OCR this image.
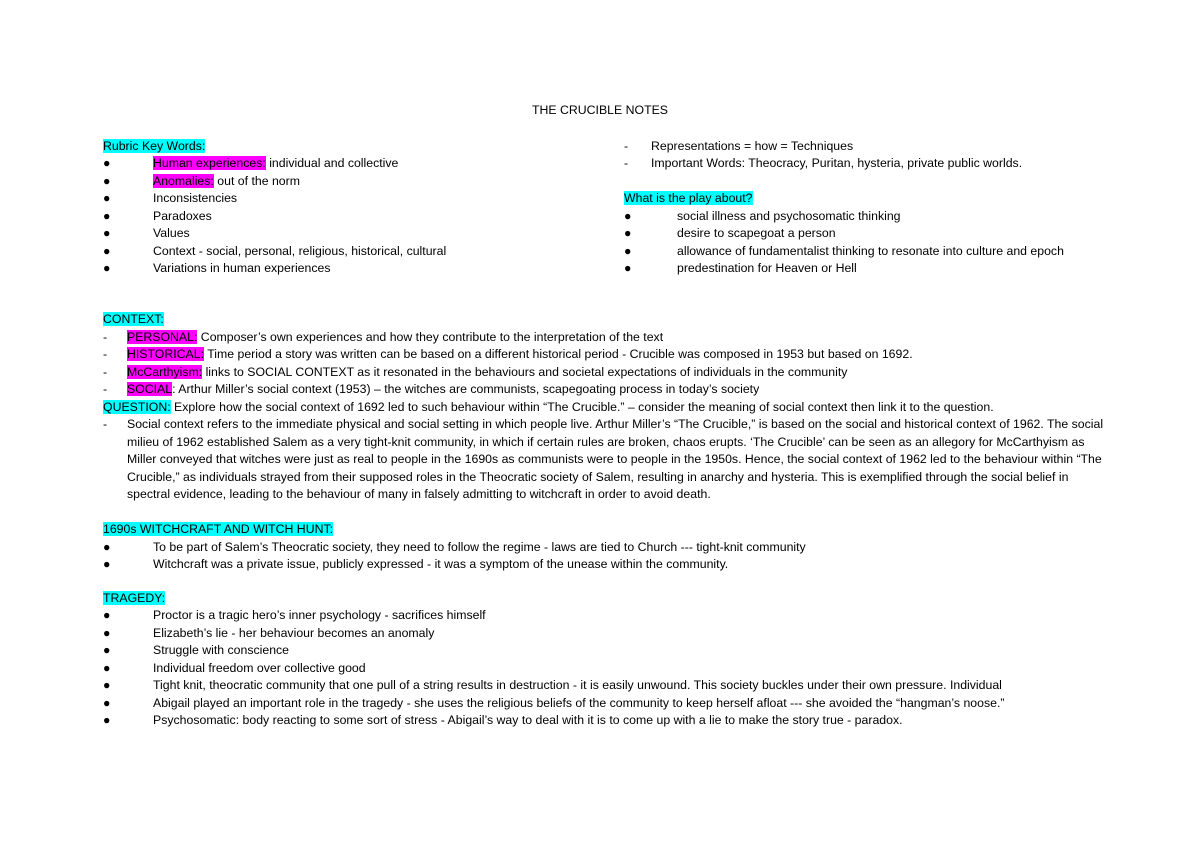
THE CRUCIBLE NOTES
Rubric Key Words:
●	Human experiences: individual and collective
●	Anomalies: out of the norm
●	Inconsistencies
●	Paradoxes
●	Values
●	Context - social, personal, religious, historical, cultural
●	Variations in human experiences
- Representations = how = Techniques
- Important Words: Theocracy, Puritan, hysteria, private public worlds.
What is the play about?
●	social illness and psychosomatic thinking
●	desire to scapegoat a person
●	allowance of fundamentalist thinking to resonate into culture and epoch
●	predestination for Heaven or Hell
CONTEXT:
- PERSONAL: Composer’s own experiences and how they contribute to the interpretation of the text
- HISTORICAL: Time period a story was written can be based on a different historical period - Crucible was composed in 1953 but based on 1692.
- McCarthyism: links to SOCIAL CONTEXT as it resonated in the behaviours and societal expectations of individuals in the community
- SOCIAL: Arthur Miller’s social context (1953) – the witches are communists, scapegoating process in today’s society
QUESTION: Explore how the social context of 1692 led to such behaviour within “The Crucible.” – consider the meaning of social context then link it to the question.
- Social context refers to the immediate physical and social setting in which people live. Arthur Miller’s “The Crucible,” is based on the social and historical context of 1962. The social milieu of 1962 established Salem as a very tight-knit community, in which if certain rules are broken, chaos erupts. ‘The Crucible’ can be seen as an allegory for McCarthyism as Miller conveyed that witches were just as real to people in the 1690s as communists were to people in the 1950s. Hence, the social context of 1962 led to the behaviour within “The Crucible,” as individuals strayed from their supposed roles in the Theocratic society of Salem, resulting in anarchy and hysteria. This is exemplified through the social belief in spectral evidence, leading to the behaviour of many in falsely admitting to witchcraft in order to avoid death.
1690s WITCHCRAFT AND WITCH HUNT:
●	To be part of Salem’s Theocratic society, they need to follow the regime - laws are tied to Church --- tight-knit community
●	Witchcraft was a private issue, publicly expressed - it was a symptom of the unease within the community.
TRAGEDY:
●	Proctor is a tragic hero’s inner psychology - sacrifices himself
●	Elizabeth’s lie - her behaviour becomes an anomaly
●	Struggle with conscience
●	Individual freedom over collective good
●	Tight knit, theocratic community that one pull of a string results in destruction - it is easily unwound. This society buckles under their own pressure. Individual
●	Abigail played an important role in the tragedy - she uses the religious beliefs of the community to keep herself afloat --- she avoided the “hangman’s noose.”
●	Psychosomatic: body reacting to some sort of stress - Abigail’s way to deal with it is to come up with a lie to make the story true - paradox.
